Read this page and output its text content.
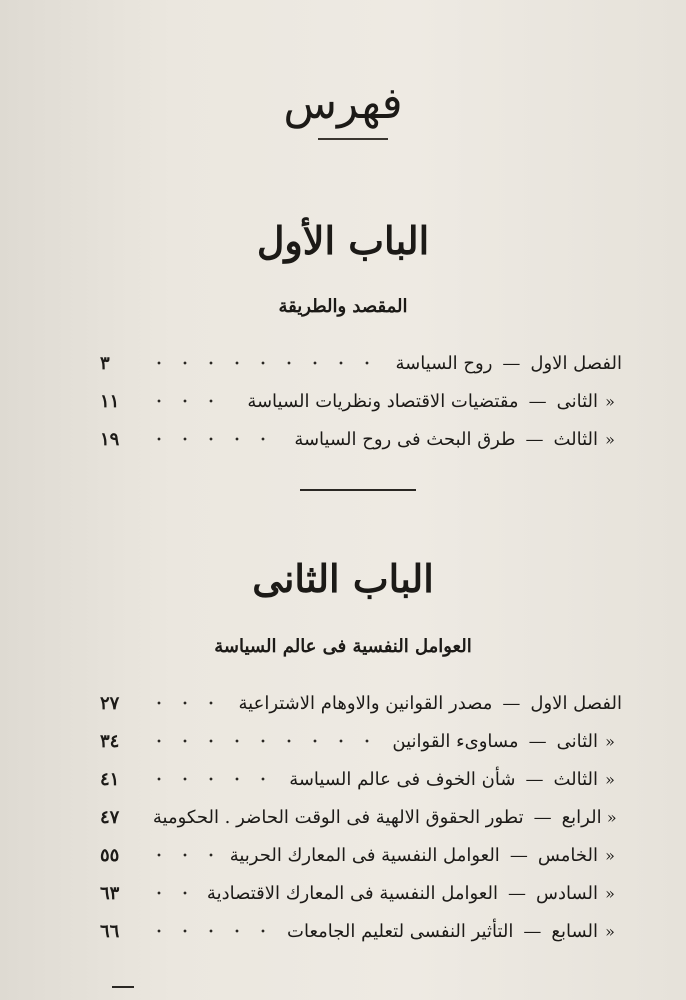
فهرس
الباب الأول
المقصد والطريقة
الفصل الاول
—
روح السياسة
٣
«
الثانى
—
مقتضيات الاقتصاد ونظريات السياسة
١١
«
الثالث
—
طرق البحث فى روح السياسة
١٩
الباب الثانى
العوامل النفسية فى عالم السياسة
الفصل الاول
—
مصدر القوانين والاوهام الاشتراعية
٢٧
«
الثانى
—
مساوىء القوانين
٣٤
«
الثالث
—
شأن الخوف فى عالم السياسة
٤١
«
الرابع
—
تطور الحقوق الالهية فى الوقت الحاضر . الحكومية
٤٧
«
الخامس
—
العوامل النفسية فى المعارك الحربية
٥٥
«
السادس
—
العوامل النفسية فى المعارك الاقتصادية
٦٣
«
السابع
—
التأثير النفسى لتعليم الجامعات
٦٦
